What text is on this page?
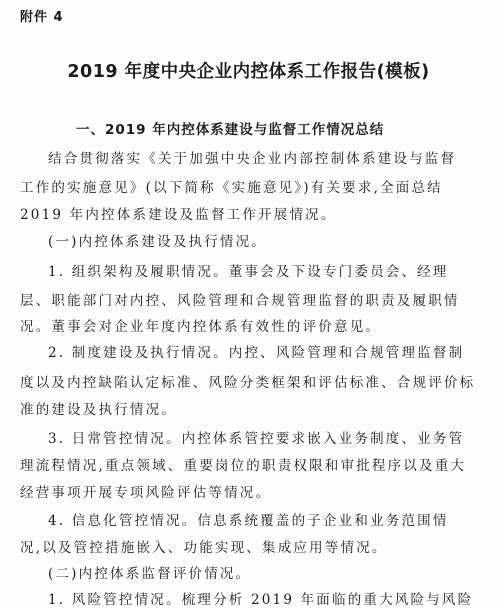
附件 4
2019 年度中央企业内控体系工作报告(模板)
一、2019 年内控体系建设与监督工作情况总结
结合贯彻落实《关于加强中央企业内部控制体系建设与监督
工作的实施意见》(以下简称《实施意见》)有关要求,全面总结
2019 年内控体系建设及监督工作开展情况。
(一)内控体系建设及执行情况。
1. 组织架构及履职情况。董事会及下设专门委员会、经理
层、职能部门对内控、风险管理和合规管理监督的职责及履职情
况。董事会对企业年度内控体系有效性的评价意见。
2. 制度建设及执行情况。内控、风险管理和合规管理监督制
度以及内控缺陷认定标准、风险分类框架和评估标准、合规评价标
准的建设及执行情况。
3. 日常管控情况。内控体系管控要求嵌入业务制度、业务管
理流程情况,重点领域、重要岗位的职责权限和审批程序以及重大
经营事项开展专项风险评估等情况。
4. 信息化管控情况。信息系统覆盖的子企业和业务范围情
况,以及管控措施嵌入、功能实现、集成应用等情况。
(二)内控体系监督评价情况。
1. 风险管控情况。梳理分析 2019 年面临的重大风险与风险
